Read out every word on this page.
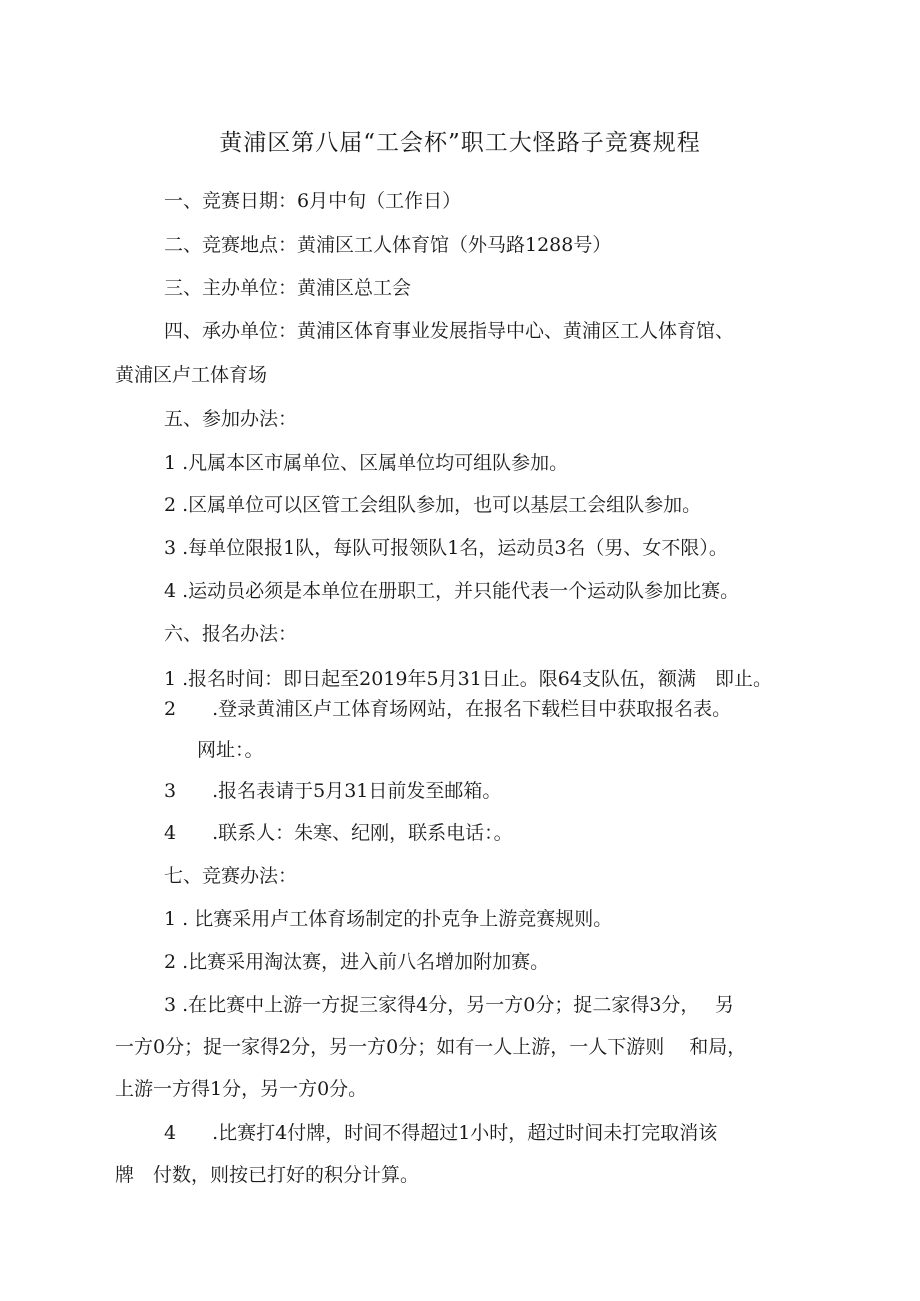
黄浦区第八届“工会杯”职工大怪路子竞赛规程
一、竞赛日期：6月中旬（工作日）
二、竞赛地点：黄浦区工人体育馆（外马路1288号）
三、主办单位：黄浦区总工会
四、承办单位：黄浦区体育事业发展指导中心、黄浦区工人体育馆、
黄浦区卢工体育场
五、参加办法：
1 .凡属本区市属单位、区属单位均可组队参加。
2 .区属单位可以区管工会组队参加，也可以基层工会组队参加。
3 .每单位限报1队，每队可报领队1名，运动员3名（男、女不限）。
4 .运动员必须是本单位在册职工，并只能代表一个运动队参加比赛。
六、报名办法：
1 .报名时间：即日起至2019年5月31日止。限64支队伍，额满　即止。
2 .登录黄浦区卢工体育场网站，在报名下载栏目中获取报名表。
网址：。
3 .报名表请于5月31日前发至邮箱。
4 .联系人：朱寒、纪刚，联系电话：。
七、竞赛办法：
1 . 比赛采用卢工体育场制定的扑克争上游竞赛规则。
2 .比赛采用淘汰赛，进入前八名增加附加赛。
3 .在比赛中上游一方捉三家得4分，另一方0分；捉二家得3分，　 另
一方0分；捉一家得2分，另一方0分；如有一人上游，一人下游则　 和局，
上游一方得1分，另一方0分。
4 .比赛打4付牌，时间不得超过1小时，超过时间未打完取消该
牌　付数，则按已打好的积分计算。
